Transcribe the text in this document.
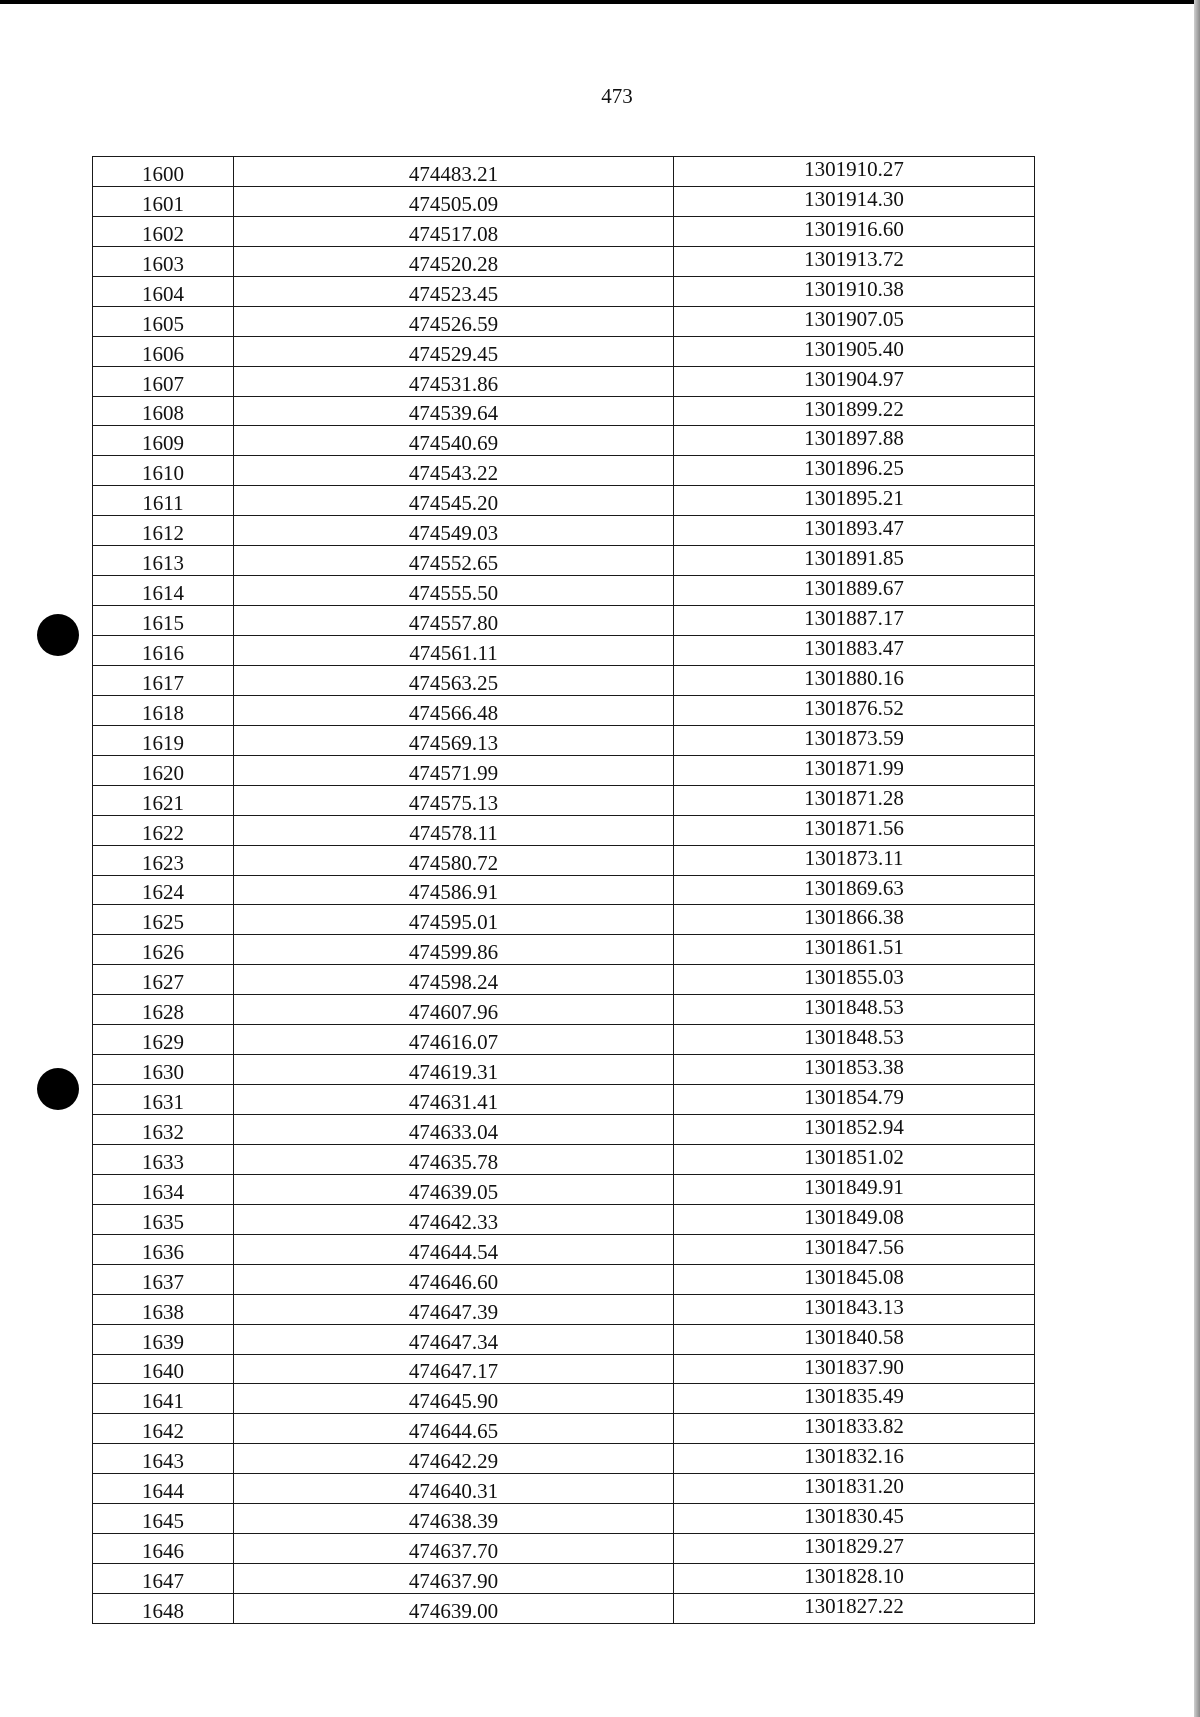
473
1600	474483.21	1301910.27
1601	474505.09	1301914.30
1602	474517.08	1301916.60
1603	474520.28	1301913.72
1604	474523.45	1301910.38
1605	474526.59	1301907.05
1606	474529.45	1301905.40
1607	474531.86	1301904.97
1608	474539.64	1301899.22
1609	474540.69	1301897.88
1610	474543.22	1301896.25
1611	474545.20	1301895.21
1612	474549.03	1301893.47
1613	474552.65	1301891.85
1614	474555.50	1301889.67
1615	474557.80	1301887.17
1616	474561.11	1301883.47
1617	474563.25	1301880.16
1618	474566.48	1301876.52
1619	474569.13	1301873.59
1620	474571.99	1301871.99
1621	474575.13	1301871.28
1622	474578.11	1301871.56
1623	474580.72	1301873.11
1624	474586.91	1301869.63
1625	474595.01	1301866.38
1626	474599.86	1301861.51
1627	474598.24	1301855.03
1628	474607.96	1301848.53
1629	474616.07	1301848.53
1630	474619.31	1301853.38
1631	474631.41	1301854.79
1632	474633.04	1301852.94
1633	474635.78	1301851.02
1634	474639.05	1301849.91
1635	474642.33	1301849.08
1636	474644.54	1301847.56
1637	474646.60	1301845.08
1638	474647.39	1301843.13
1639	474647.34	1301840.58
1640	474647.17	1301837.90
1641	474645.90	1301835.49
1642	474644.65	1301833.82
1643	474642.29	1301832.16
1644	474640.31	1301831.20
1645	474638.39	1301830.45
1646	474637.70	1301829.27
1647	474637.90	1301828.10
1648	474639.00	1301827.22
